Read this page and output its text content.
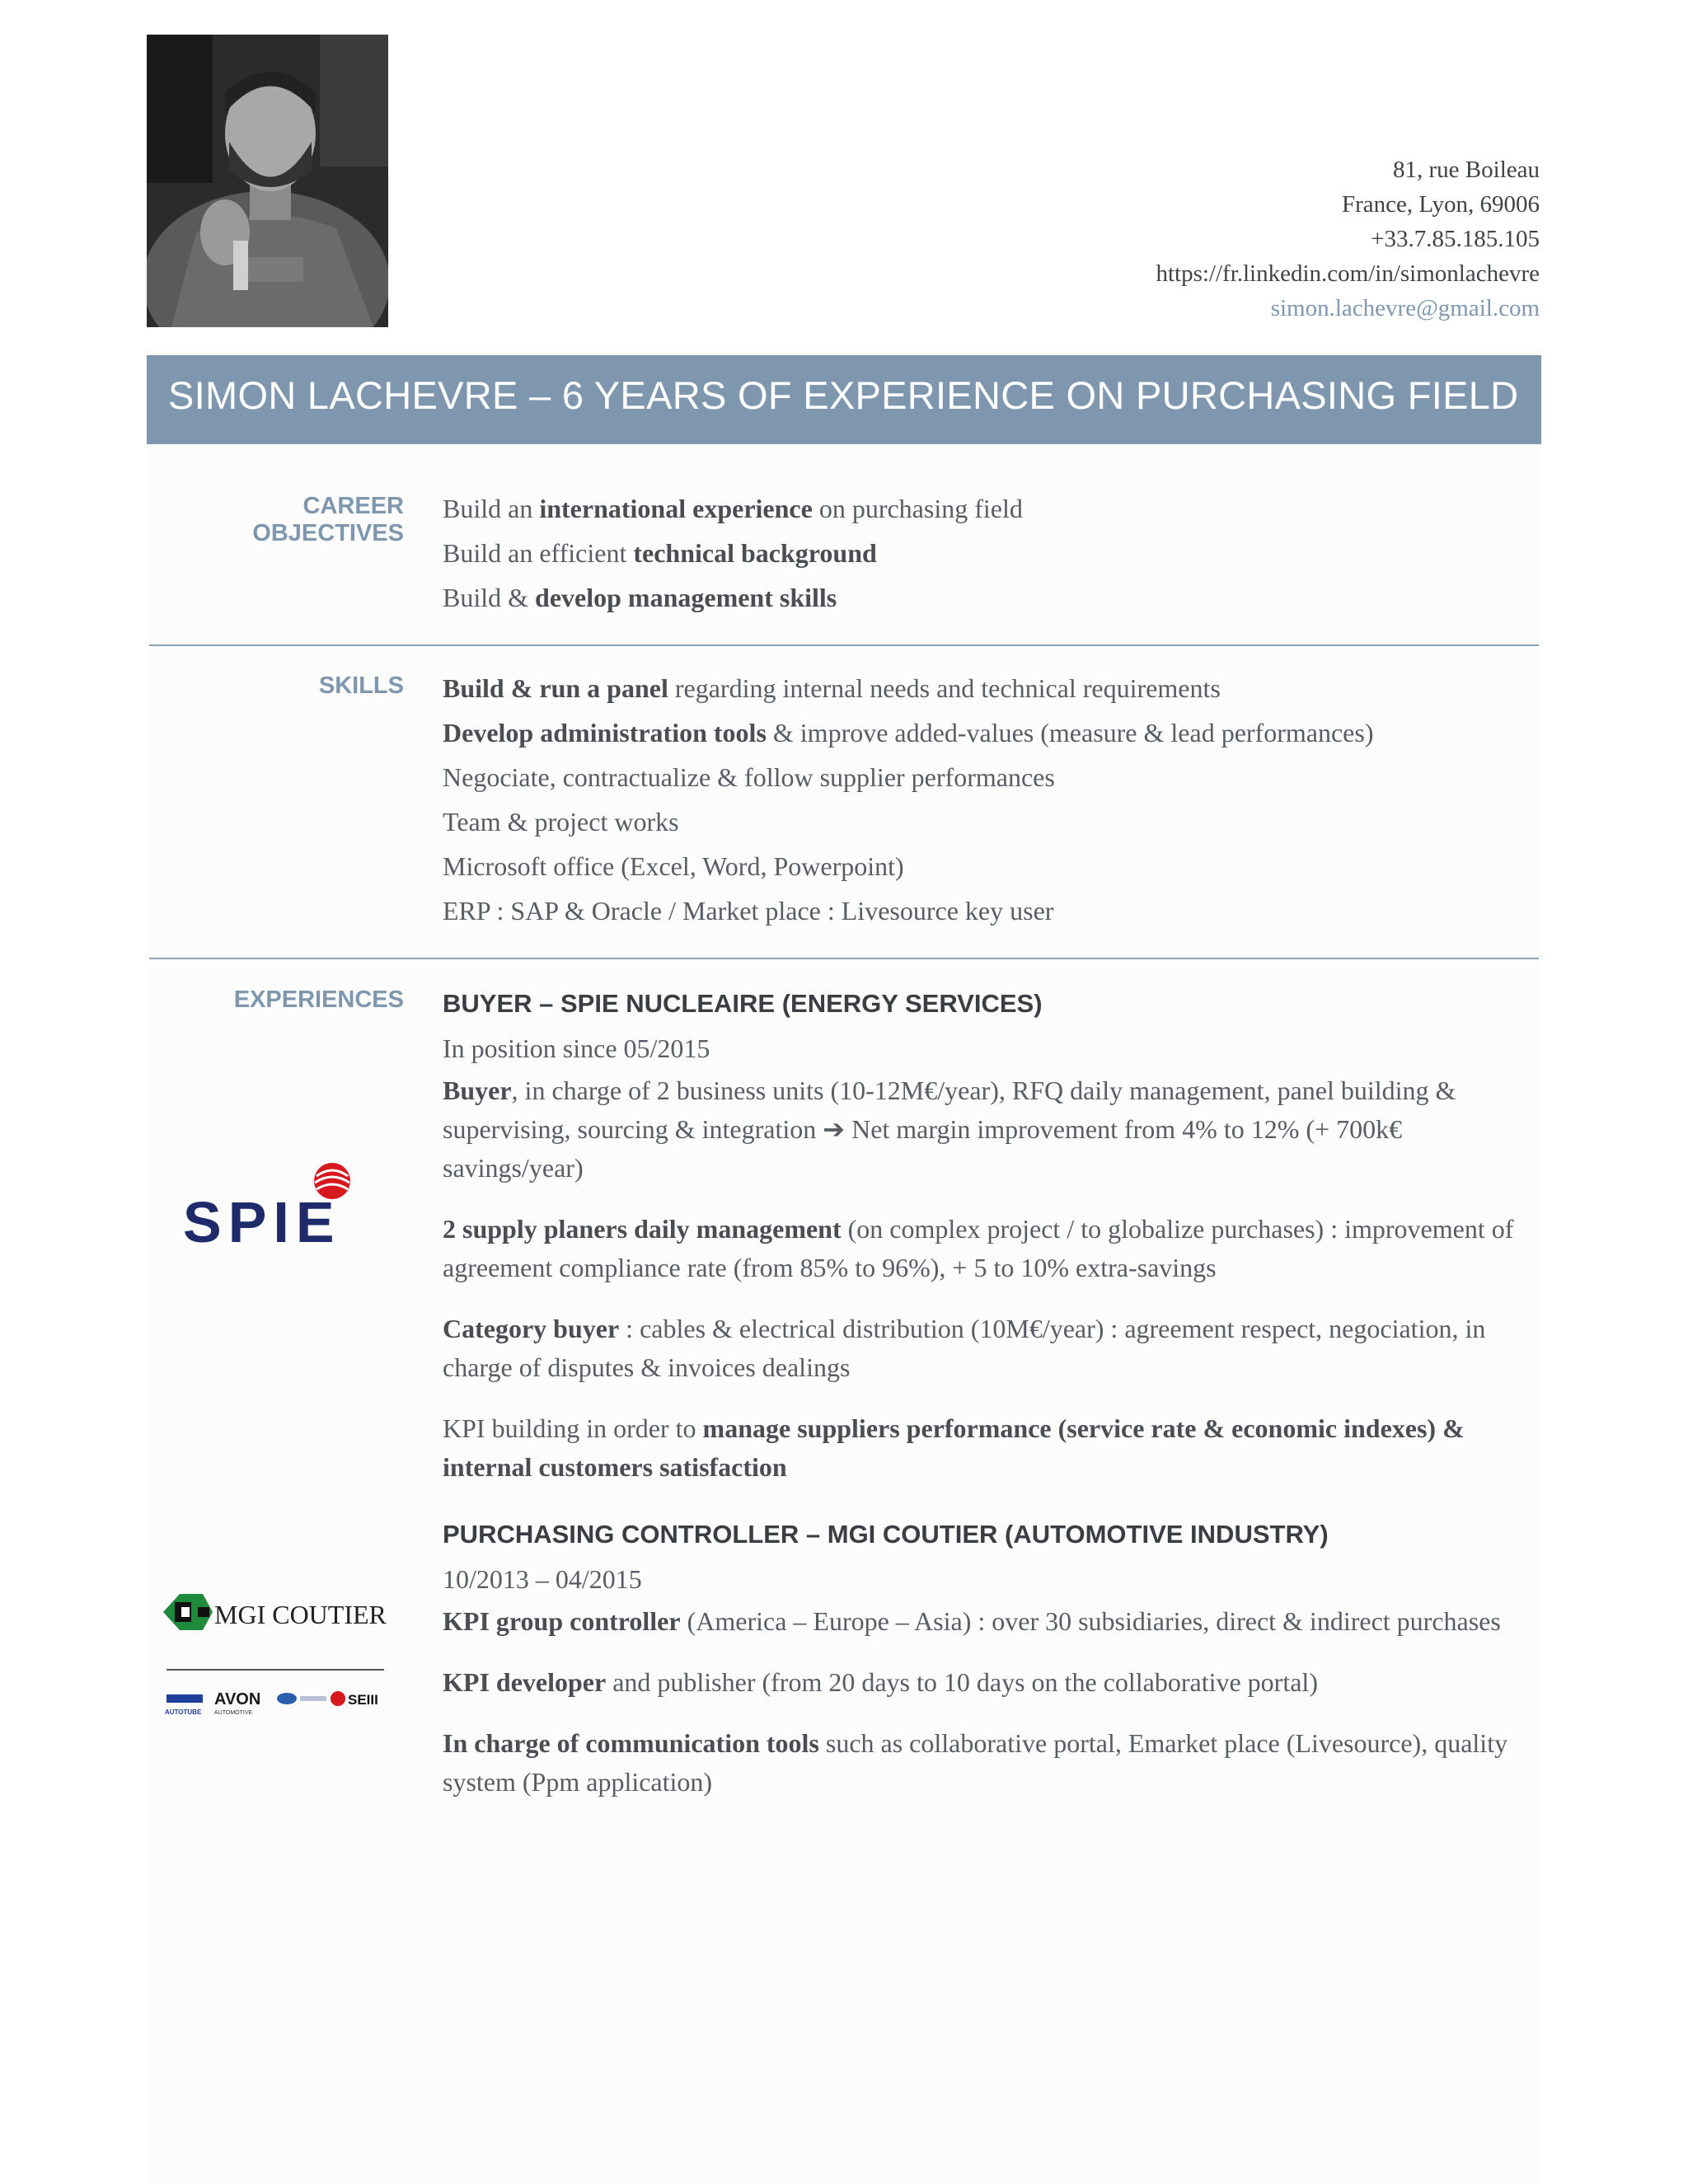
81, rue Boileau
France, Lyon, 69006
+33.7.85.185.105
https://fr.linkedin.com/in/simonlachevre
simon.lachevre@gmail.com
SIMON LACHEVRE – 6 YEARS OF EXPERIENCE ON PURCHASING FIELD
CAREER OBJECTIVES
Build an international experience on purchasing field
Build an efficient technical background
Build & develop management skills
SKILLS Build & run a panel regarding internal needs and technical requirements
Develop administration tools & improve added-values (measure & lead performances)
Negociate, contractualize & follow supplier performances
Team & project works
Microsoft office (Excel, Word, Powerpoint)
ERP : SAP & Oracle / Market place : Livesource key user
EXPERIENCES
SPIE
MGI COUTIER
AUTOTUBE
AVON
AUTOMOTIVE
SEIII
BUYER – SPIE NUCLEAIRE (ENERGY SERVICES)
In position since 05/2015
Buyer, in charge of 2 business units (10-12M€/year), RFQ daily management, panel building & supervising, sourcing & integration ➔ Net margin improvement from 4% to 12% (+ 700k€ savings/year)
2 supply planers daily management (on complex project / to globalize purchases) : improvement of agreement compliance rate (from 85% to 96%), + 5 to 10% extra-savings
Category buyer : cables & electrical distribution (10M€/year) : agreement respect, negociation, in charge of disputes & invoices dealings
KPI building in order to manage suppliers performance (service rate & economic indexes) & internal customers satisfaction
PURCHASING CONTROLLER – MGI COUTIER (AUTOMOTIVE INDUSTRY)
10/2013 – 04/2015
KPI group controller (America – Europe – Asia) : over 30 subsidiaries, direct & indirect purchases
KPI developer and publisher (from 20 days to 10 days on the collaborative portal)
In charge of communication tools such as collaborative portal, Emarket place (Livesource), quality system (Ppm application)
